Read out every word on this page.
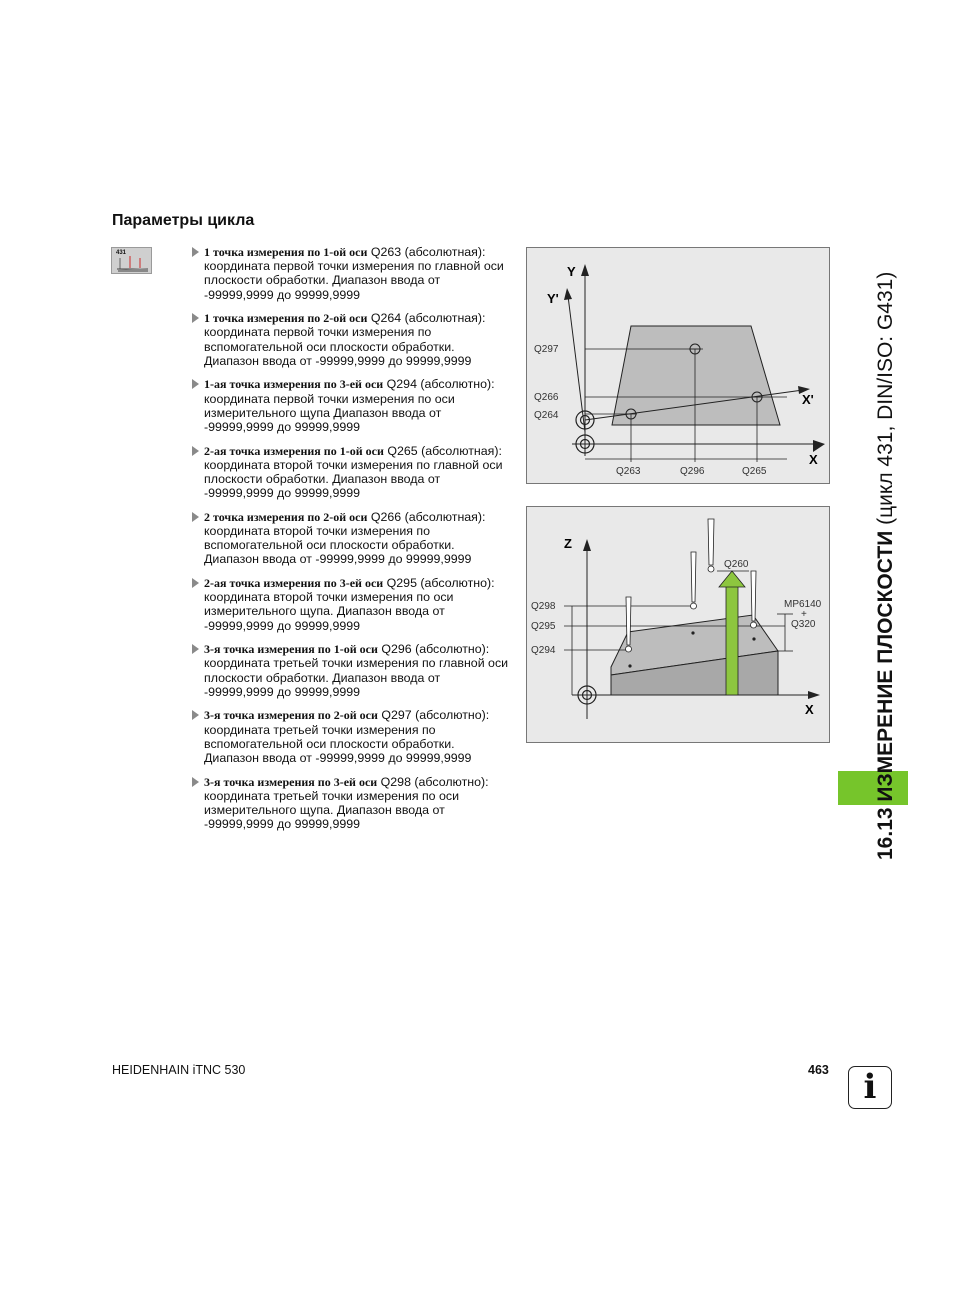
Параметры цикла
431	1 точка измерения по 1-ой оси Q263 (абсолютная): координата первой точки измерения по главной оси плоскости обработки. Диапазон ввода от -99999,9999 до 99999,9999
1 точка измерения по 2-ой оси Q264 (абсолютная): координата первой точки измерения по вспомогательной оси плоскости обработки. Диапазон ввода от -99999,9999 до 99999,9999
1-ая точка измерения по 3-ей оси Q294 (абсолютно): координата первой точки измерения по оси измерительного щупа Диапазон ввода от -99999,9999 до 99999,9999
2-ая точка измерения по 1-ой оси Q265 (абсолютная): координата второй точки измерения по главной оси плоскости обработки. Диапазон ввода от -99999,9999 до 99999,9999
2 точка измерения по 2-ой оси Q266 (абсолютная): координата второй точки измерения по вспомогательной оси плоскости обработки. Диапазон ввода от -99999,9999 до 99999,9999
2-ая точка измерения по 3-ей оси Q295 (абсолютно): координата второй точки измерения по оси измерительного щупа. Диапазон ввода от -99999,9999 до 99999,9999
3-я точка измерения по 1-ой оси Q296 (абсолютно): координата третьей точки измерения по главной оси плоскости обработки. Диапазон ввода от -99999,9999 до 99999,9999
3-я точка измерения по 2-ой оси Q297 (абсолютно): координата третьей точки измерения по вспомогательной оси плоскости обработки. Диапазон ввода от -99999,9999 до 99999,9999
3-я точка измерения по 3-ей оси Q298 (абсолютно): координата третьей точки измерения по оси измерительного щупа. Диапазон ввода от -99999,9999 до 99999,9999
Y
Y'
X'
X
Q297
Q266
Q264
Q263	Q296	Q265
Z
X
Q260
Q298
Q295
Q294
MP6140
+
Q320
16.13 ИЗМЕРЕНИЕ ПЛОСКОСТИ (цикл 431, DIN/ISO: G431)
HEIDENHAIN iTNC 530	463	i
